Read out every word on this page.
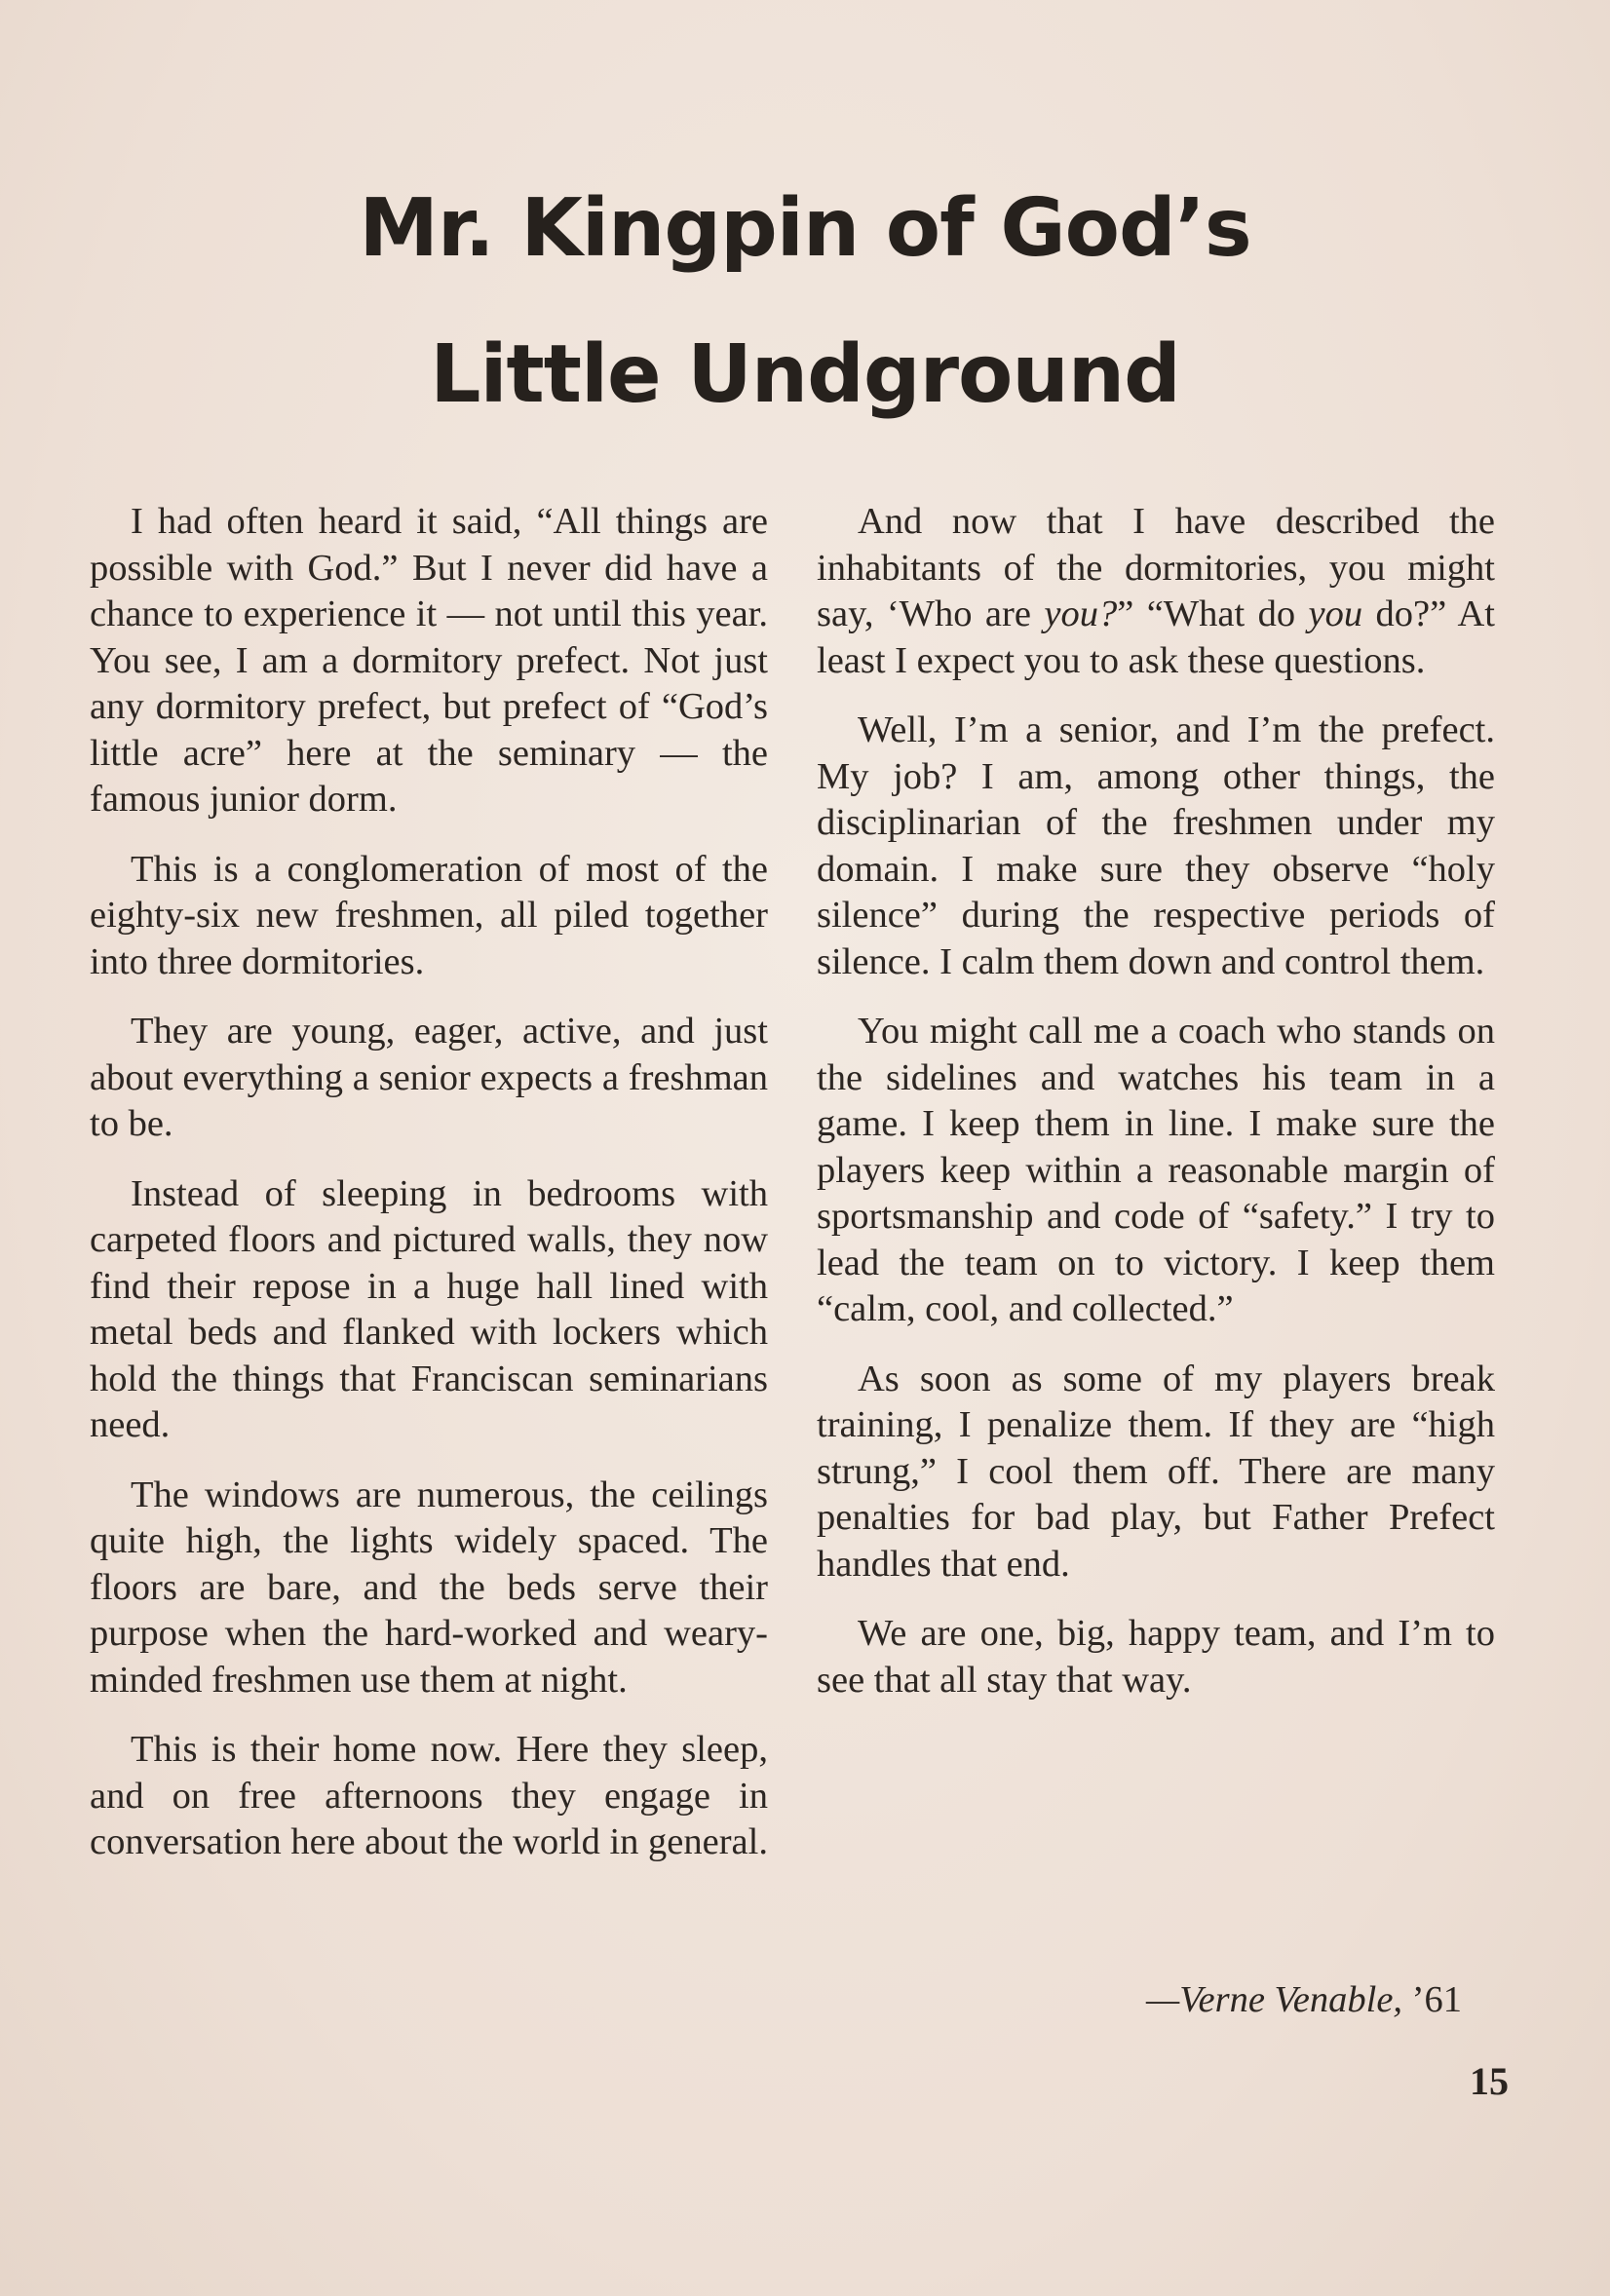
Mr. Kingpin of God’s
Little Undground

I had often heard it said, “All things are possible with God.” But I never did have a chance to experience it — not until this year. You see, I am a dormitory prefect. Not just any dormitory prefect, but prefect of “God’s little acre” here at the seminary — the famous junior dorm.

This is a conglomeration of most of the eighty-six new freshmen, all piled together into three dormitories.

They are young, eager, active, and just about everything a senior expects a freshman to be.

Instead of sleeping in bedrooms with carpeted floors and pictured walls, they now find their repose in a huge hall lined with metal beds and flanked with lockers which hold the things that Franciscan seminarians need.

The windows are numerous, the ceilings quite high, the lights widely spaced. The floors are bare, and the beds serve their purpose when the hard-worked and weary-minded freshmen use them at night.

This is their home now. Here they sleep, and on free afternoons they engage in conversation here about the world in general.

And now that I have described the inhabitants of the dormitories, you might say, ‘Who are you?” “What do you do?” At least I expect you to ask these questions.

Well, I’m a senior, and I’m the prefect. My job? I am, among other things, the disciplinarian of the freshmen under my domain. I make sure they observe “holy silence” during the respective periods of silence. I calm them down and control them.

You might call me a coach who stands on the sidelines and watches his team in a game. I keep them in line. I make sure the players keep within a reasonable margin of sportsmanship and code of “safety.” I try to lead the team on to victory. I keep them “calm, cool, and collected.”

As soon as some of my players break training, I penalize them. If they are “high strung,” I cool them off. There are many penalties for bad play, but Father Prefect handles that end.

We are one, big, happy team, and I’m to see that all stay that way.

—Verne Venable, ’61
15
